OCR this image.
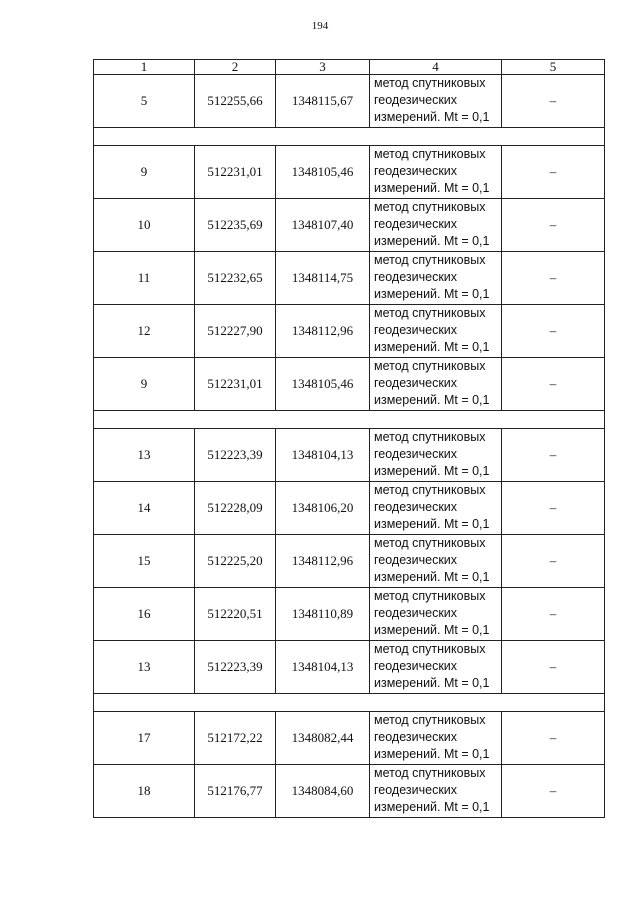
194
1	2	3	4	5
5	512255,66	1348115,67	метод спутниковых
геодезических
измерений. Mt = 0,1	–

9	512231,01	1348105,46	метод спутниковых
геодезических
измерений. Mt = 0,1	–
10	512235,69	1348107,40	метод спутниковых
геодезических
измерений. Mt = 0,1	–
11	512232,65	1348114,75	метод спутниковых
геодезических
измерений. Mt = 0,1	–
12	512227,90	1348112,96	метод спутниковых
геодезических
измерений. Mt = 0,1	–
9	512231,01	1348105,46	метод спутниковых
геодезических
измерений. Mt = 0,1	–

13	512223,39	1348104,13	метод спутниковых
геодезических
измерений. Mt = 0,1	–
14	512228,09	1348106,20	метод спутниковых
геодезических
измерений. Mt = 0,1	–
15	512225,20	1348112,96	метод спутниковых
геодезических
измерений. Mt = 0,1	–
16	512220,51	1348110,89	метод спутниковых
геодезических
измерений. Mt = 0,1	–
13	512223,39	1348104,13	метод спутниковых
геодезических
измерений. Mt = 0,1	–

17	512172,22	1348082,44	метод спутниковых
геодезических
измерений. Mt = 0,1	–
18	512176,77	1348084,60	метод спутниковых
геодезических
измерений. Mt = 0,1	–
